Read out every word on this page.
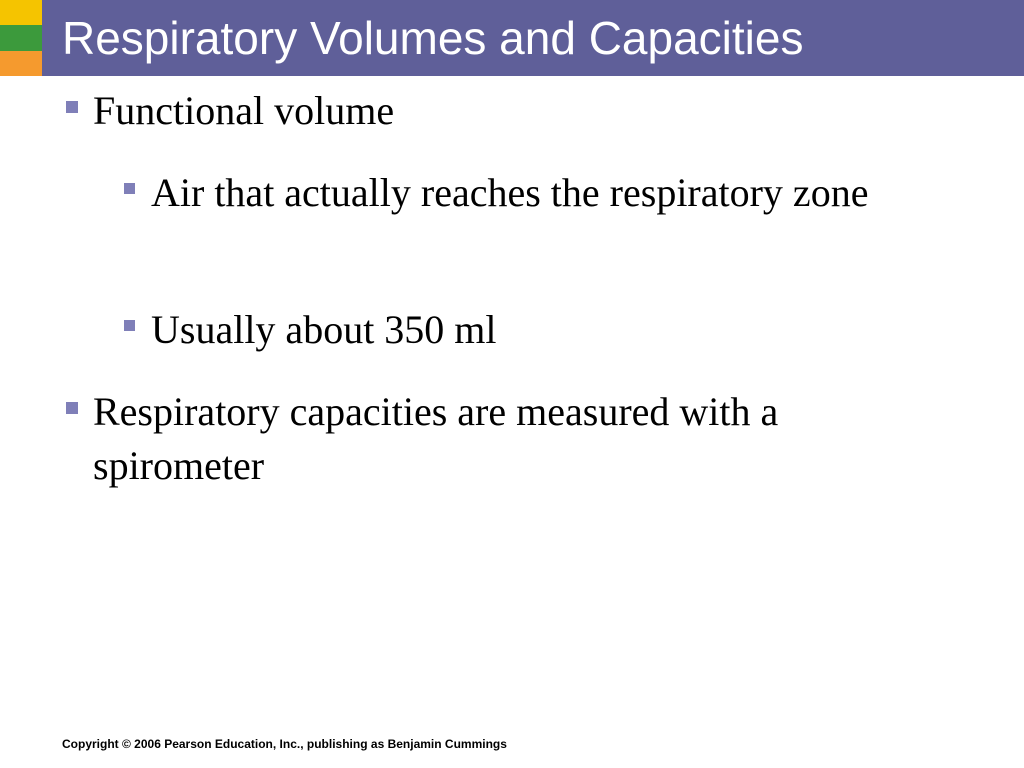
Respiratory Volumes and Capacities
Functional volume
Air that actually reaches the respiratory zone
Usually about 350 ml
Respiratory capacities are measured with a spirometer
Copyright © 2006 Pearson Education, Inc., publishing as Benjamin Cummings
